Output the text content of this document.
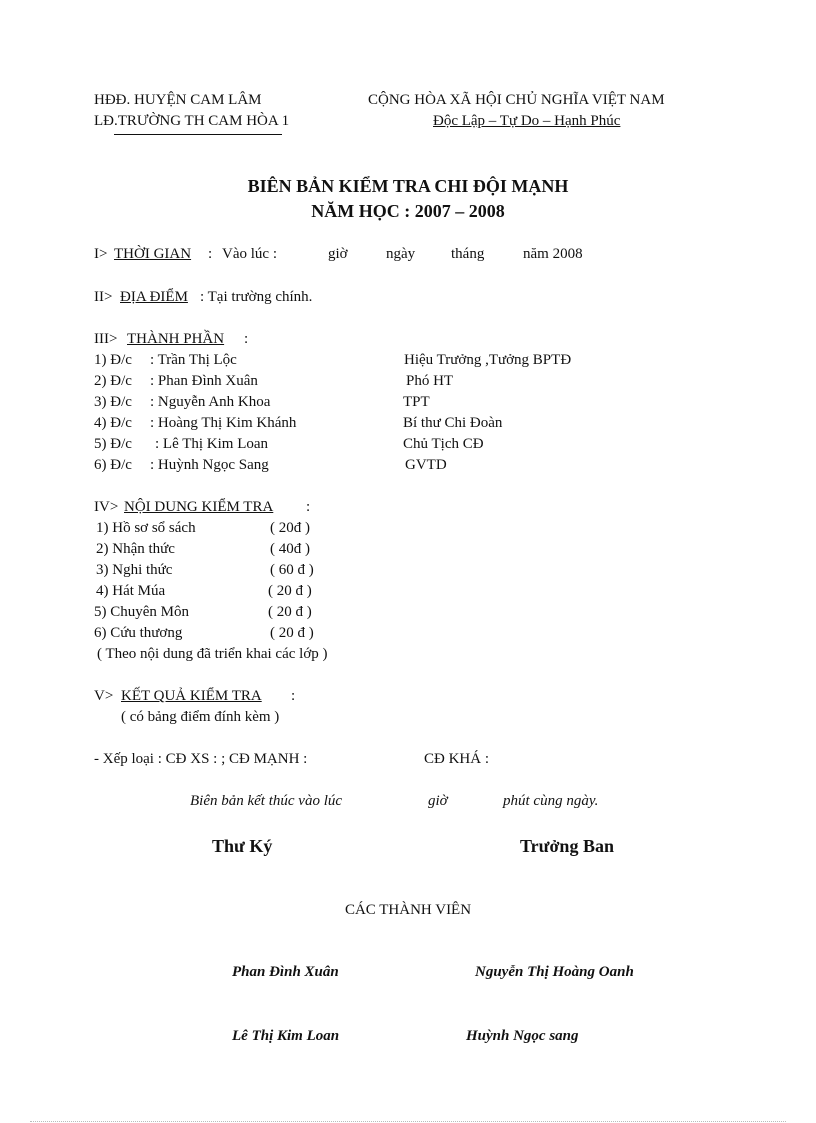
HĐĐ. HUYỆN CAM LÂM
LĐ.TRƯỜNG TH CAM HÒA 1
CỘNG HÒA XÃ HỘI CHỦ NGHĨA VIỆT NAM
Độc Lập – Tự Do – Hạnh Phúc
BIÊN BẢN KIỂM TRA CHI ĐỘI MẠNH
NĂM HỌC : 2007 – 2008
I> THỜI GIAN : Vào lúc :	giờ	ngày tháng	năm 2008
II> ĐỊA ĐIỂM : Tại trường chính.
III> THÀNH PHẦN :
1) Đ/c : Trần Thị Lộc	Hiệu Trưởng ,Tưởng BPTĐ
2) Đ/c : Phan Đình Xuân	Phó HT
3) Đ/c : Nguyễn Anh Khoa	TPT
4) Đ/c : Hoàng Thị Kim Khánh	Bí thư Chi Đoàn
5) Đ/c : Lê Thị Kim Loan	Chủ Tịch CĐ
6) Đ/c : Huỳnh Ngọc Sang	GVTD
IV> NỘI DUNG KIỂM TRA :
1) Hồ sơ sổ sách	( 20đ )
2) Nhận thức	( 40đ )
3) Nghi thức	( 60 đ )
4) Hát Múa	( 20 đ )
5) Chuyên Môn	( 20 đ )
6) Cứu thương	( 20 đ )
( Theo nội dung đã triển khai các lớp )
V> KẾT QUẢ KIỂM TRA :
( có bảng điểm đính kèm )
- Xếp loại : CĐ XS : ; CĐ MẠNH :	CĐ KHÁ :
Biên bản kết thúc vào lúc	giờ	phút cùng ngày.
Thư Ký	Trưởng Ban
CÁC THÀNH VIÊN
Phan Đình Xuân	Nguyễn Thị Hoàng Oanh
Lê Thị Kim Loan	Huỳnh Ngọc sang
